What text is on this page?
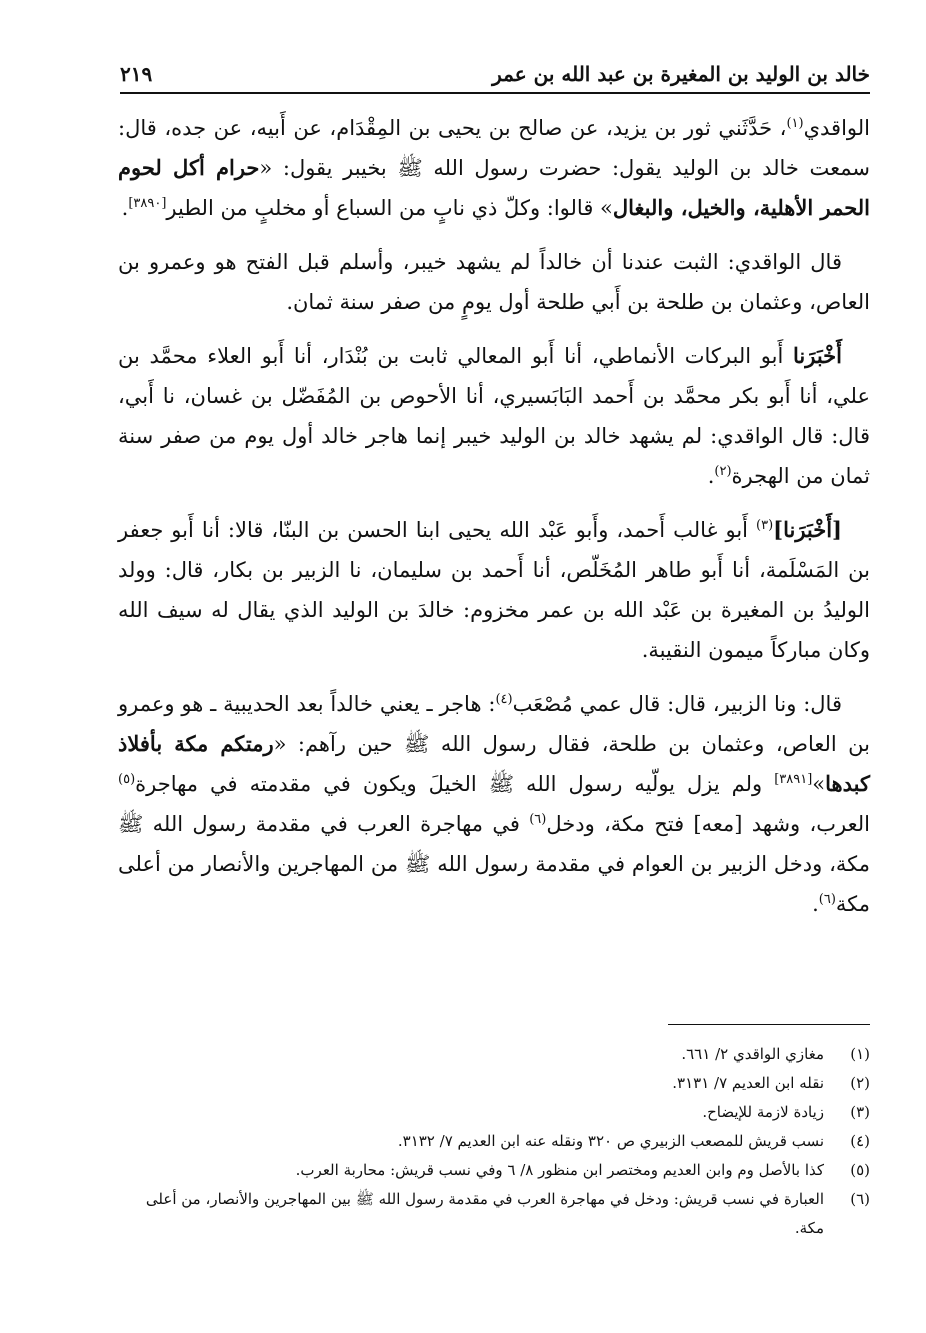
خالد بن الوليد بن المغيرة بن عبد الله بن عمر
٢١٩

الواقدي$^{(١)}$، حَدَّثَني ثور بن يزيد، عن صالح بن يحيى بن المِقْدَام، عن أَبيه، عن جده، قال: سمعت خالد بن الوليد يقول: حضرت رسول الله ﷺ بخيبر يقول: «حرام أكل لحوم الحمر الأهلية، والخيل، والبغال» قالوا: وكلّ ذي نابٍ من السباع أو مخلبٍ من الطير[٣٨٩٠].

قال الواقدي: الثبت عندنا أن خالداً لم يشهد خيبر، وأسلم قبل الفتح هو وعمرو بن العاص، وعثمان بن طلحة بن أَبي طلحة أول يومٍ من صفر سنة ثمان.

أَخْبَرَنا أَبو البركات الأنماطي، أنا أَبو المعالي ثابت بن بُنْدَار، أنا أَبو العلاء محمَّد بن علي، أنا أَبو بكر محمَّد بن أَحمد البَابَسيري، أنا الأحوص بن المُفَضّل بن غسان، نا أَبي، قال: قال الواقدي: لم يشهد خالد بن الوليد خيبر إنما هاجر خالد أول يوم من صفر سنة ثمان من الهجرة$^{(٢)}$.

[أَخْبَرَنا]$^{(٣)}$ أَبو غالب أَحمد، وأَبو عَبْد الله يحيى ابنا الحسن بن البنّا، قالا: أنا أَبو جعفر بن المَسْلَمة، أنا أَبو طاهر المُخَلّص، أنا أَحمد بن سليمان، نا الزبير بن بكار، قال: وولد الوليدُ بن المغيرة بن عَبْد الله بن عمر مخزوم: خالدَ بن الوليد الذي يقال له سيف الله وكان مباركاً ميمون النقيبة.

قال: ونا الزبير، قال: قال عمي مُصْعَب$^{(٤)}$: هاجر ـ يعني خالداً بعد الحديبية ـ هو وعمرو بن العاص، وعثمان بن طلحة، فقال رسول الله ﷺ حين رآهم: «رمتكم مكة بأفلاذ كبدها»[٣٨٩١] ولم يزل يولّيه رسول الله ﷺ الخيلَ ويكون في مقدمته في مهاجرة$^{(٥)}$ العرب، وشهد [معه] فتح مكة، ودخل$^{(٦)}$ في مهاجرة العرب في مقدمة رسول الله ﷺ مكة، ودخل الزبير بن العوام في مقدمة رسول الله ﷺ من المهاجرين والأنصار من أعلى مكة$^{(٦)}$.

(١)
مغازي الواقدي ٢/ ٦٦١.
(٢)
نقله ابن العديم ٧/ ٣١٣١.
(٣)
زيادة لازمة للإيضاح.
(٤)
نسب قريش للمصعب الزبيري ص ٣٢٠ ونقله عنه ابن العديم ٧/ ٣١٣٢.
(٥)
كذا بالأصل وم وابن العديم ومختصر ابن منظور ٨/ ٦ وفي نسب قريش: محاربة العرب.
(٦)
العبارة في نسب قريش: ودخل في مهاجرة العرب في مقدمة رسول الله ﷺ بين المهاجرين والأنصار، من أعلى مكة.
